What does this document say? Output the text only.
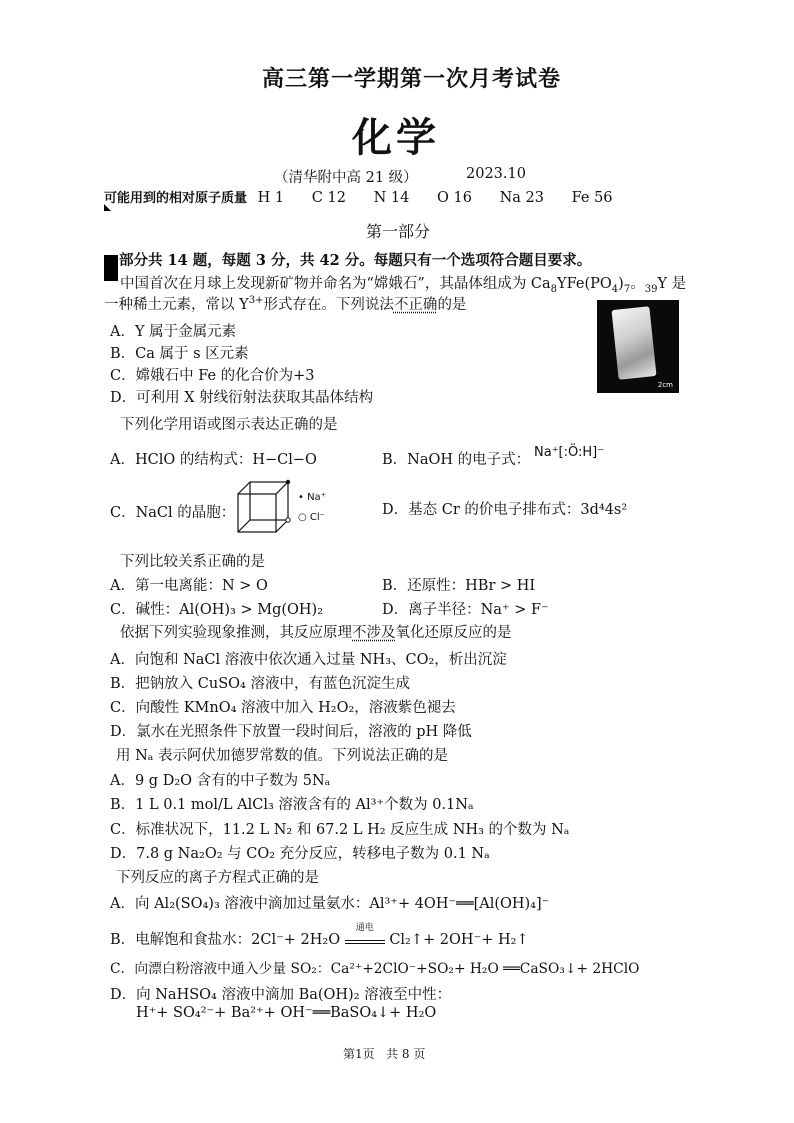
高三第一学期第一次月考试卷
化学
（清华附中高 21 级）	2023.10
可能用到的相对原子质量 H 1      C 12      N 14      O 16      Na 23      Fe 56
第一部分
部分共 14 题，每题 3 分，共 42 分。每题只有一个选项符合题目要求。
中国首次在月球上发现新矿物并命名为“嫦娥石”，其晶体组成为 $Ca_8YFe(PO_4)_7$。$_{39}$Y 是
一种稀土元素，常以 $Y^{3+}$形式存在。下列说法不正确的是
A．Y 属于金属元素
B．Ca 属于 s 区元素
C．嫦娥石中 Fe 的化合价为+3
D．可利用 X 射线衍射法获取其晶体结构
2cm
下列化学用语或图示表达正确的是
A．HClO 的结构式：H−Cl−O	B．NaOH 的电子式： Na⁺[:Ö:H]⁻
C．NaCl 的晶胞：
• Na⁺
○ Cl⁻	D．基态 Cr 的价电子排布式：3d⁴4s²
下列比较关系正确的是
A．第一电离能：N > O	B．还原性：HBr > HI
C．碱性：Al(OH)₃ > Mg(OH)₂	D．离子半径：Na⁺ > F⁻
依据下列实验现象推测，其反应原理不涉及氧化还原反应的是
A．向饱和 NaCl 溶液中依次通入过量 NH₃、CO₂，析出沉淀
B．把钠放入 CuSO₄ 溶液中，有蓝色沉淀生成
C．向酸性 KMnO₄ 溶液中加入 H₂O₂，溶液紫色褪去
D．氯水在光照条件下放置一段时间后，溶液的 pH 降低
用 Nₐ 表示阿伏加德罗常数的值。下列说法正确的是
A．9 g D₂O 含有的中子数为 5Nₐ
B．1 L 0.1 mol/L AlCl₃ 溶液含有的 Al³⁺个数为 0.1Nₐ
C．标准状况下，11.2 L N₂ 和 67.2 L H₂ 反应生成 NH₃ 的个数为 Nₐ
D．7.8 g Na₂O₂ 与 CO₂ 充分反应，转移电子数为 0.1 Nₐ
下列反应的离子方程式正确的是
A．向 Al₂(SO₄)₃ 溶液中滴加过量氨水：Al³⁺+ 4OH⁻══[Al(OH)₄]⁻
B．电解饱和食盐水：2Cl⁻+ 2H₂O
通电
Cl₂↑+ 2OH⁻+ H₂↑
C．向漂白粉溶液中通入少量 SO₂：Ca²⁺+2ClO⁻+SO₂+ H₂O ══CaSO₃↓+ 2HClO
D．向 NaHSO₄ 溶液中滴加 Ba(OH)₂ 溶液至中性：
H⁺+ SO₄²⁻+ Ba²⁺+ OH⁻══BaSO₄↓+ H₂O
第1页   共 8 页
